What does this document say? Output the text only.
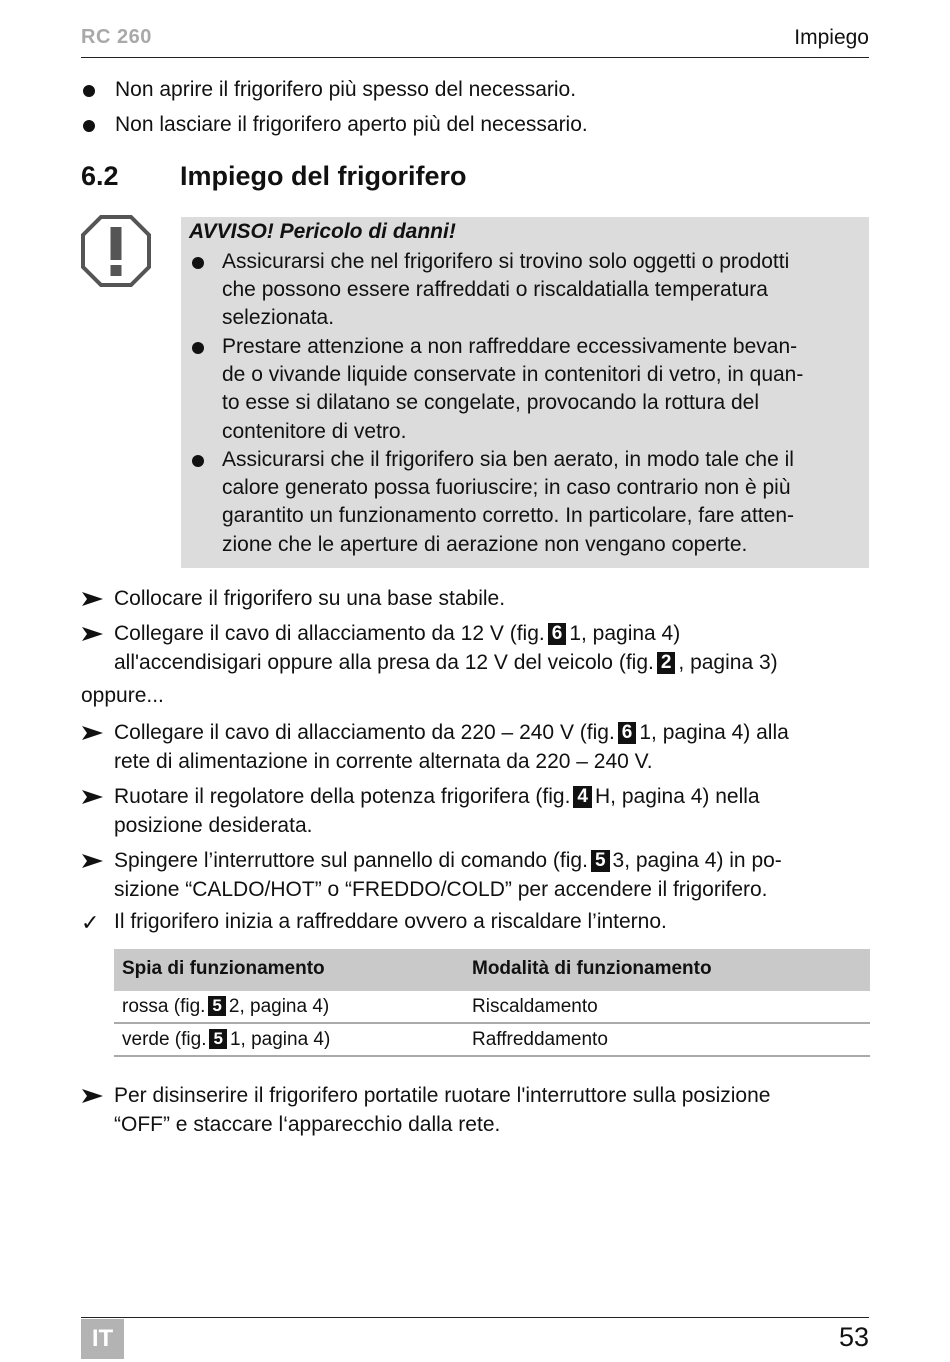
RC 260	Impiego
Non aprire il frigorifero più spesso del necessario.
Non lasciare il frigorifero aperto più del necessario.
6.2 Impiego del frigorifero
AVVISO! Pericolo di danni!
Assicurarsi che nel frigorifero si trovino solo oggetti o prodotti
che possono essere raffreddati o riscaldatialla temperatura
selezionata.
Prestare attenzione a non raffreddare eccessivamente bevan-
de o vivande liquide conservate in contenitori di vetro, in quan-
to esse si dilatano se congelate, provocando la rottura del
contenitore di vetro.
Assicurarsi che il frigorifero sia ben aerato, in modo tale che il
calore generato possa fuoriuscire; in caso contrario non è più
garantito un funzionamento corretto. In particolare, fare atten-
zione che le aperture di aerazione non vengano coperte.
Collocare il frigorifero su una base stabile.
Collegare il cavo di allacciamento da 12 V (fig. 6 1, pagina 4)
all'accendisigari oppure alla presa da 12 V del veicolo (fig. 2 , pagina 3)
oppure...
Collegare il cavo di allacciamento da 220 – 240 V (fig. 6 1, pagina 4) alla
rete di alimentazione in corrente alternata da 220 – 240 V.
Ruotare il regolatore della potenza frigorifera (fig. 4 H, pagina 4) nella
posizione desiderata.
Spingere l’interruttore sul pannello di comando (fig. 5 3, pagina 4) in po-
sizione “CALDO/HOT” o “FREDDO/COLD” per accendere il frigorifero.
✓ Il frigorifero inizia a raffreddare ovvero a riscaldare l’interno.
Spia di funzionamento	Modalità di funzionamento
rossa (fig. 5 2, pagina 4)	Riscaldamento
verde (fig. 5 1, pagina 4)	Raffreddamento
Per disinserire il frigorifero portatile ruotare l'interruttore sulla posizione
“OFF” e staccare l‘apparecchio dalla rete.
IT	53
